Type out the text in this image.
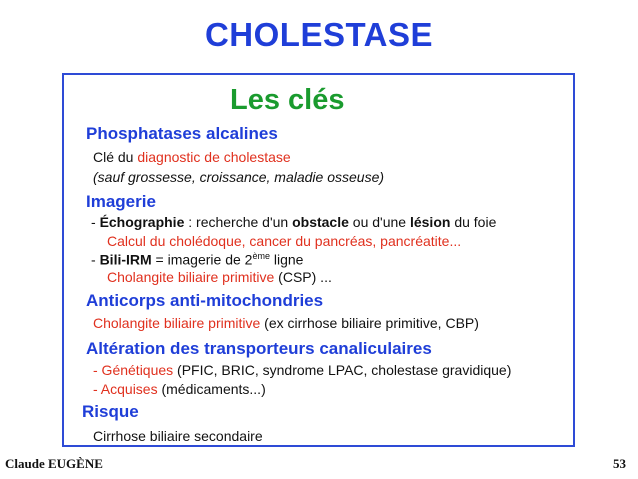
CHOLESTASE
Les clés
Phosphatases alcalines
Clé du diagnostic de cholestase
(sauf grossesse, croissance, maladie osseuse)
Imagerie
- Échographie : recherche d'un obstacle ou d'une lésion du foie
Calcul du cholédoque, cancer du pancréas, pancréatite...
- Bili-IRM = imagerie de 2ème ligne
Cholangite biliaire primitive (CSP) ...
Anticorps anti-mitochondries
Cholangite biliaire primitive (ex cirrhose biliaire primitive, CBP)
Altération des transporteurs canaliculaires
- Génétiques (PFIC, BRIC, syndrome LPAC, cholestase gravidique)
- Acquises (médicaments...)
Risque
Cirrhose biliaire secondaire
Claude EUGÈNE	53
